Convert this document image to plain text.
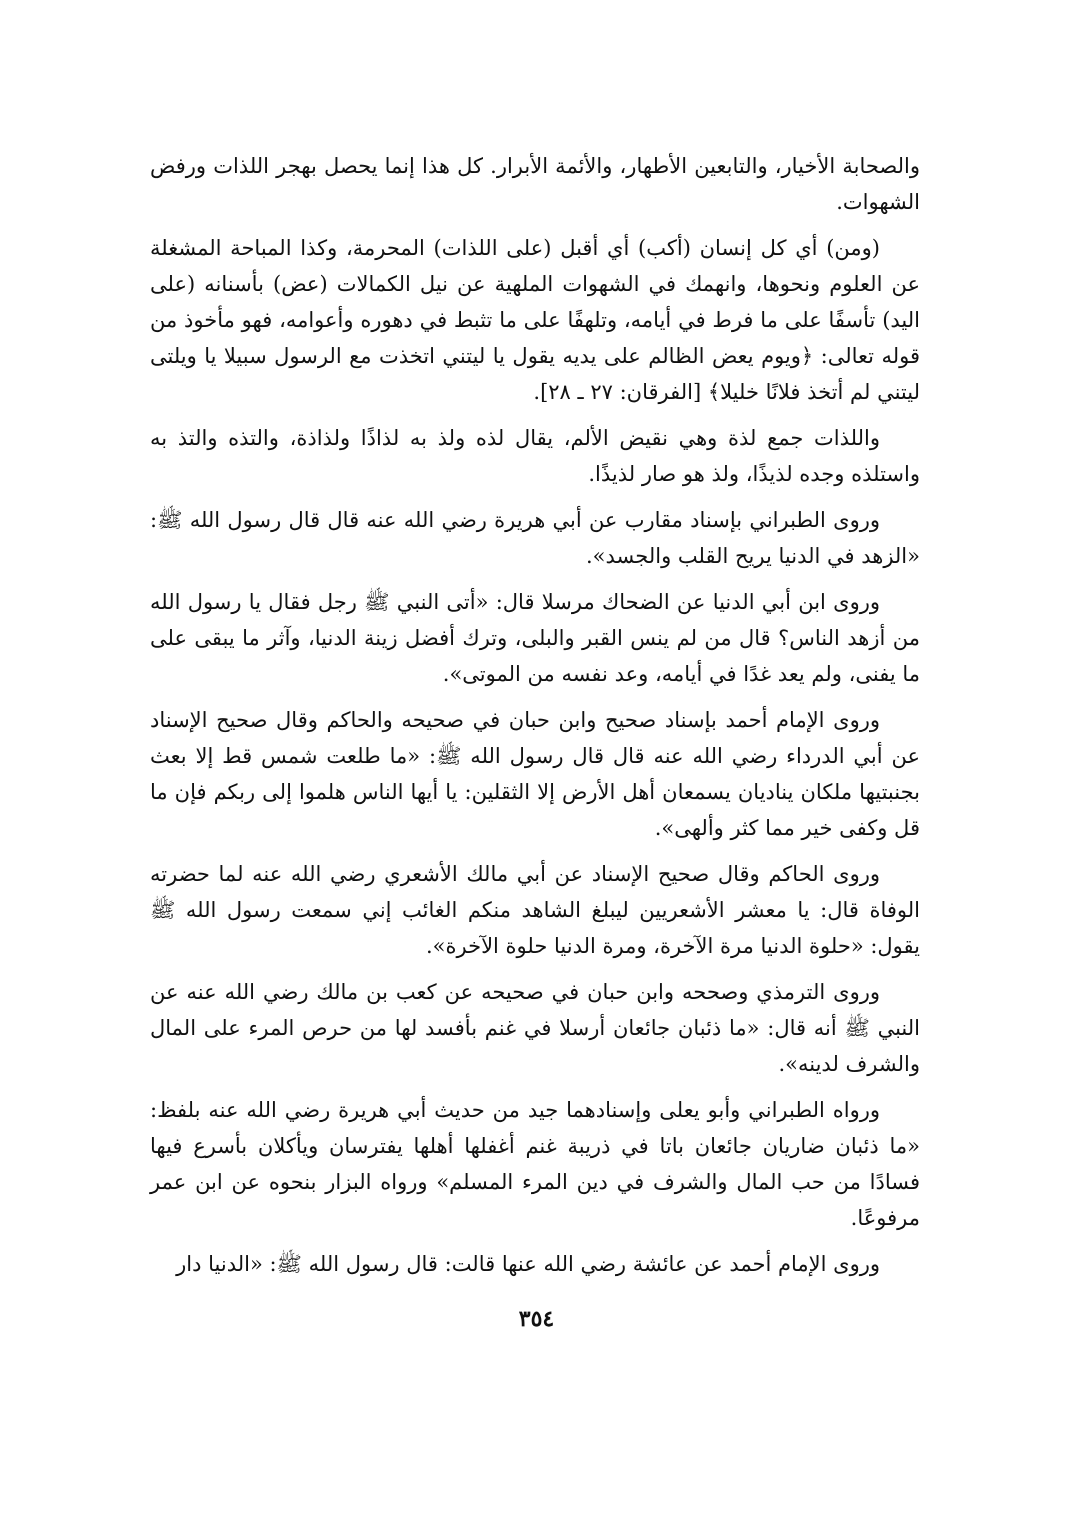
والصحابة الأخيار، والتابعين الأطهار، والأئمة الأبرار. كل هذا إنما يحصل بهجر اللذات ورفض الشهوات.

(ومن) أي كل إنسان (أكب) أي أقبل (على اللذات) المحرمة، وكذا المباحة المشغلة عن العلوم ونحوها، وانهمك في الشهوات الملهية عن نيل الكمالات (عض) بأسنانه (على اليد) تأسفًا على ما فرط في أيامه، وتلهفًا على ما تثبط في دهوره وأعوامه، فهو مأخوذ من قوله تعالى: ﴿ويوم يعض الظالم على يديه يقول يا ليتني اتخذت مع الرسول سبيلا يا ويلتى ليتني لم أتخذ فلانًا خليلا﴾ [الفرقان: ٢٧ ـ ٢٨].

واللذات جمع لذة وهي نقيض الألم، يقال لذه ولذ به لذاذًا ولذاذة، والتذه والتذ به واستلذه وجده لذيذًا، ولذ هو صار لذيذًا.

وروى الطبراني بإسناد مقارب عن أبي هريرة رضي الله عنه قال قال رسول الله ﷺ: «الزهد في الدنيا يريح القلب والجسد».

وروى ابن أبي الدنيا عن الضحاك مرسلا قال: «أتى النبي ﷺ رجل فقال يا رسول الله من أزهد الناس؟ قال من لم ينس القبر والبلى، وترك أفضل زينة الدنيا، وآثر ما يبقى على ما يفنى، ولم يعد غدًا في أيامه، وعد نفسه من الموتى».

وروى الإمام أحمد بإسناد صحيح وابن حبان في صحيحه والحاكم وقال صحيح الإسناد عن أبي الدرداء رضي الله عنه قال قال رسول الله ﷺ: «ما طلعت شمس قط إلا بعث بجنبتيها ملكان يناديان يسمعان أهل الأرض إلا الثقلين: يا أيها الناس هلموا إلى ربكم فإن ما قل وكفى خير مما كثر وألهى».

وروى الحاكم وقال صحيح الإسناد عن أبي مالك الأشعري رضي الله عنه لما حضرته الوفاة قال: يا معشر الأشعريين ليبلغ الشاهد منكم الغائب إني سمعت رسول الله ﷺ يقول: «حلوة الدنيا مرة الآخرة، ومرة الدنيا حلوة الآخرة».

وروى الترمذي وصححه وابن حبان في صحيحه عن كعب بن مالك رضي الله عنه عن النبي ﷺ أنه قال: «ما ذئبان جائعان أرسلا في غنم بأفسد لها من حرص المرء على المال والشرف لدينه».

ورواه الطبراني وأبو يعلى وإسنادهما جيد من حديث أبي هريرة رضي الله عنه بلفظ: «ما ذئبان ضاريان جائعان باتا في ذريبة غنم أغفلها أهلها يفترسان ويأكلان بأسرع فيها فسادًا من حب المال والشرف في دين المرء المسلم» ورواه البزار بنحوه عن ابن عمر مرفوعًا.

وروى الإمام أحمد عن عائشة رضي الله عنها قالت: قال رسول الله ﷺ: «الدنيا دار

٣٥٤
